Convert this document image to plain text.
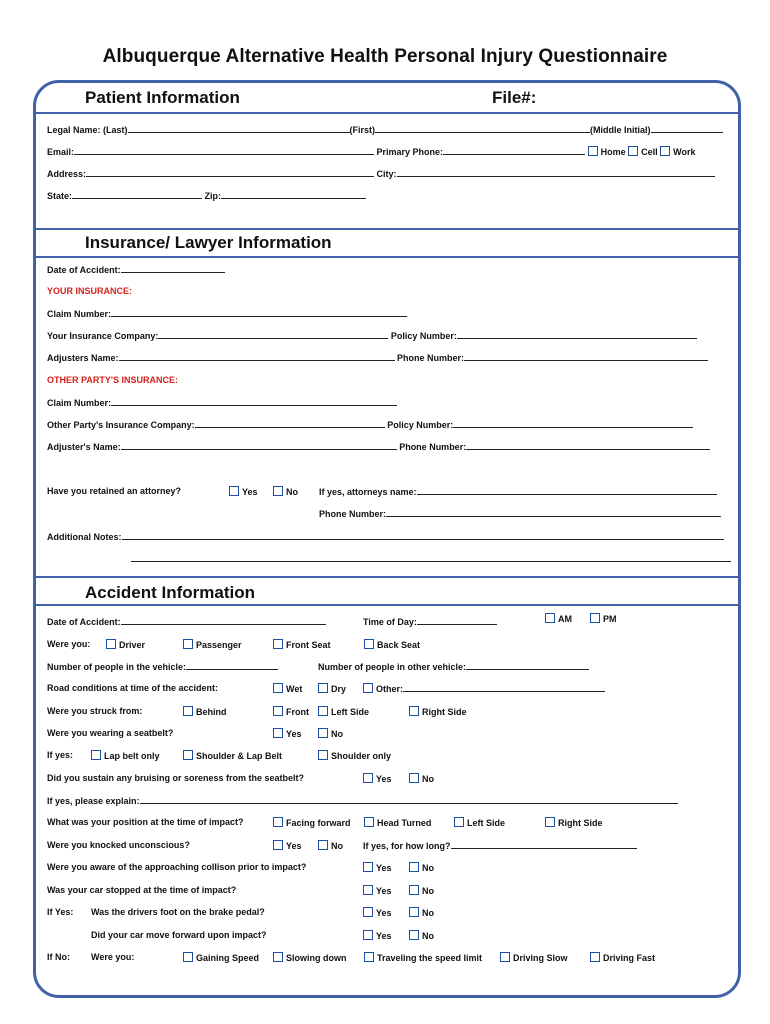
Albuquerque Alternative Health Personal Injury Questionnaire
Patient Information	File#:
Legal Name: (Last)	(First)	(Middle Initial)
Email:	Primary Phone:	Home Cell Work
Address:	City:
State:	Zip:
Insurance/ Lawyer Information
Date of Accident:
YOUR INSURANCE:
Claim Number:
Your Insurance Company:	Policy Number:
Adjusters Name:	Phone Number:
OTHER PARTY'S INSURANCE:
Claim Number:
Other Party's Insurance Company:	Policy Number:
Adjuster's Name:	Phone Number:
Have you retained an attorney?	Yes	No If yes, attorneys name:
Phone Number:
Additional Notes:
Accident Information
Date of Accident:	Time of Day:	AM	PM
Were you:	Driver	Passenger	Front Seat	Back Seat
Number of people in the vehicle:	Number of people in other vehicle:
Road conditions at time of the accident:	Wet	Dry	Other:
Were you struck from:	Behind	Front	Left Side	Right Side
Were you wearing a seatbelt?	Yes	No
If yes:	Lap belt only	Shoulder & Lap Belt	Shoulder only
Did you sustain any bruising or soreness from the seatbelt?	Yes	No
If yes, please explain:
What was your position at the time of impact?	Facing forward	Head Turned	Left Side	Right Side
Were you knocked unconscious?	Yes	No If yes, for how long?
Were you aware of the approaching collison prior to impact?	Yes	No
Was your car stopped at the time of impact?	Yes	No
If Yes: Was the drivers foot on the brake pedal?	Yes	No
Did your car move forward upon impact?	Yes	No
If No: Were you:	Gaining Speed	Slowing down	Traveling the speed limit	Driving Slow	Driving Fast
